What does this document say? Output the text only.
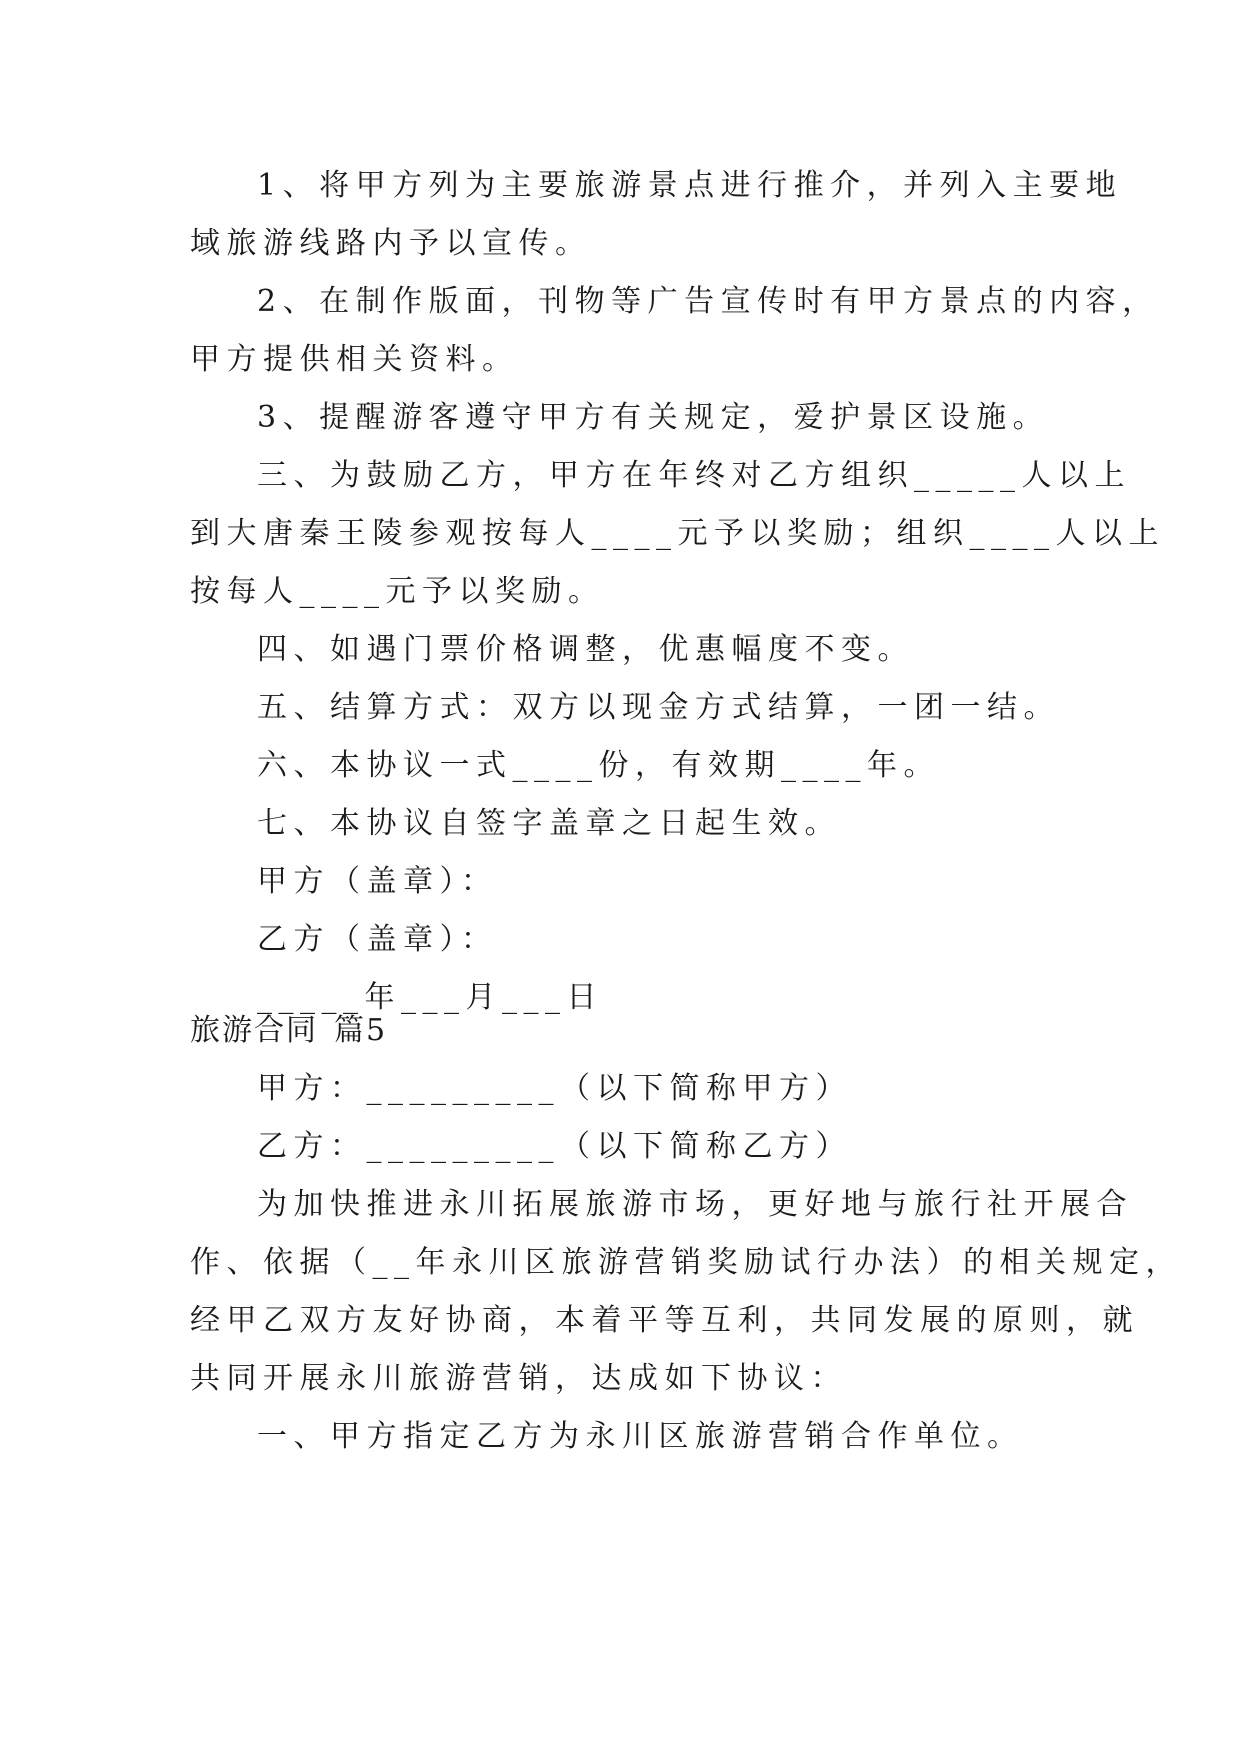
1、将甲方列为主要旅游景点进行推介，并列入主要地
域旅游线路内予以宣传。
2、在制作版面，刊物等广告宣传时有甲方景点的内容，
甲方提供相关资料。
3、提醒游客遵守甲方有关规定，爱护景区设施。
三、为鼓励乙方，甲方在年终对乙方组织_____人以上
到大唐秦王陵参观按每人____元予以奖励；组织____人以上
按每人____元予以奖励。
四、如遇门票价格调整，优惠幅度不变。
五、结算方式：双方以现金方式结算，一团一结。
六、本协议一式____份，有效期____年。
七、本协议自签字盖章之日起生效。
甲方（盖章）：
乙方（盖章）：
_____年___月___日
旅游合同 篇5
甲方：_________（以下简称甲方）
乙方：_________（以下简称乙方）
为加快推进永川拓展旅游市场，更好地与旅行社开展合
作、依据（__年永川区旅游营销奖励试行办法）的相关规定，
经甲乙双方友好协商，本着平等互利，共同发展的原则，就
共同开展永川旅游营销，达成如下协议：
一、甲方指定乙方为永川区旅游营销合作单位。
